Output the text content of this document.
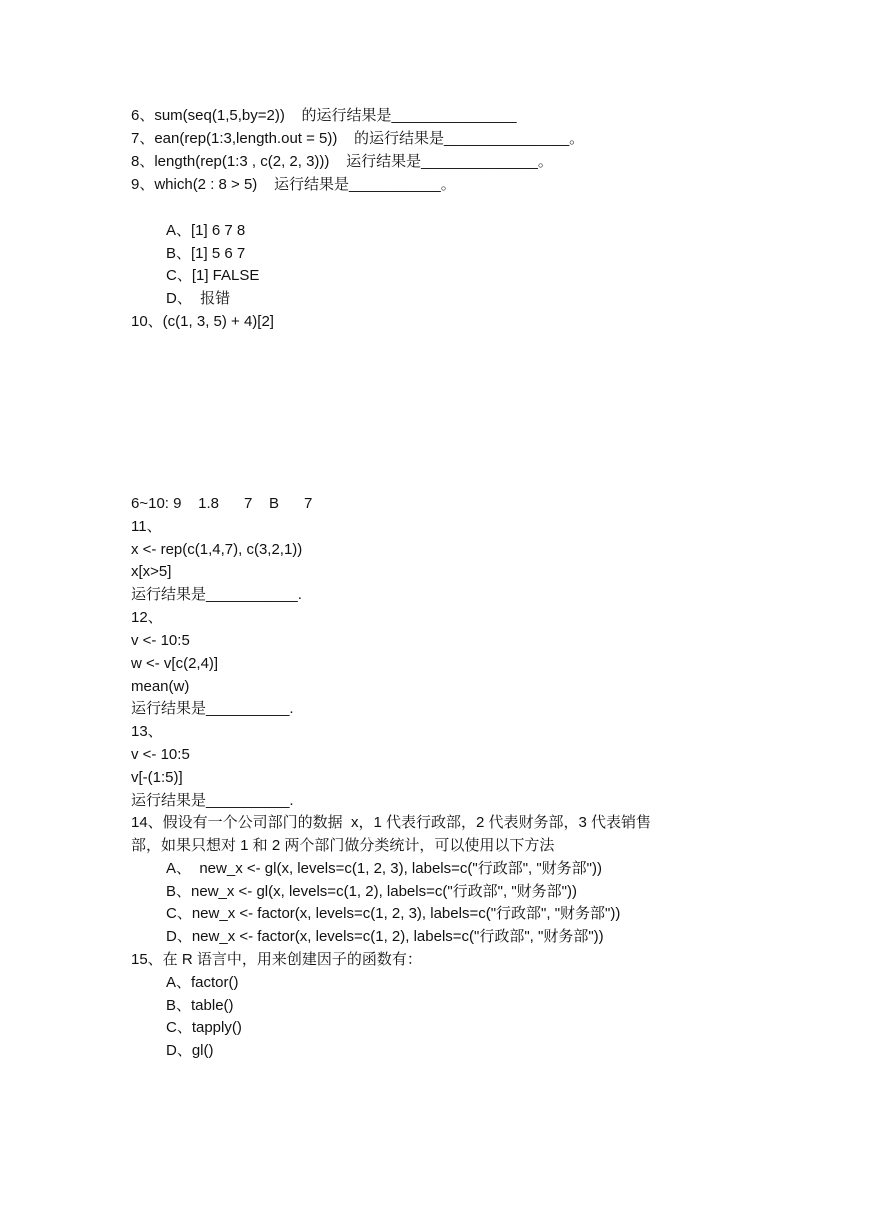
6、sum(seq(1,5,by=2))    的运行结果是_______________
7、ean(rep(1:3,length.out = 5))    的运行结果是_______________。
8、length(rep(1:3 , c(2, 2, 3)))    运行结果是______________。
9、which(2 : 8 > 5)    运行结果是___________。
A、[1] 6 7 8
B、[1] 5 6 7
C、[1] FALSE
D、  报错
10、(c(1, 3, 5) + 4)[2]
6~10: 9    1.8      7    B      7
11、
x <- rep(c(1,4,7), c(3,2,1))
x[x>5]
运行结果是___________.
12、
v <- 10:5
w <- v[c(2,4)]
mean(w)
运行结果是__________.
13、
v <- 10:5
v[-(1:5)]
运行结果是__________.
14、假设有一个公司部门的数据  x，1 代表行政部，2 代表财务部，3 代表销售
部，如果只想对 1 和 2 两个部门做分类统计，可以使用以下方法
A、  new_x <- gl(x, levels=c(1, 2, 3), labels=c("行政部", "财务部"))
B、new_x <- gl(x, levels=c(1, 2), labels=c("行政部", "财务部"))
C、new_x <- factor(x, levels=c(1, 2, 3), labels=c("行政部", "财务部"))
D、new_x <- factor(x, levels=c(1, 2), labels=c("行政部", "财务部"))
15、在 R 语言中，用来创建因子的函数有：
A、factor()
B、table()
C、tapply()
D、gl()
